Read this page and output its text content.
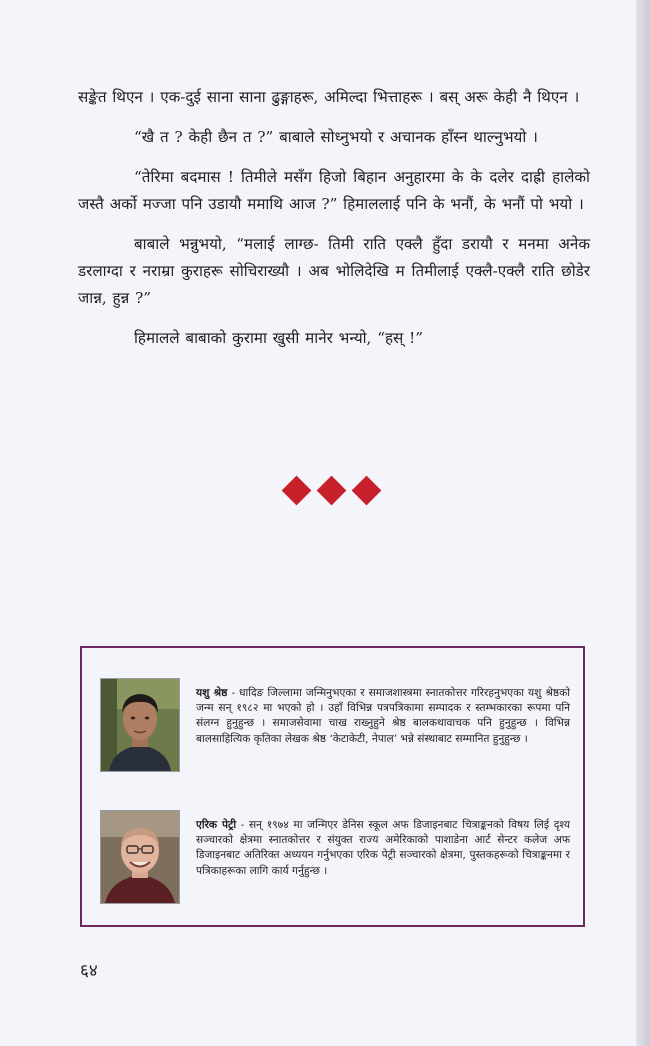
सङ्केत थिएन । एक-दुई साना साना ढुङ्गाहरू, अमिल्दा भित्ताहरू । बस् अरू केही नै थिएन ।

“खै त ? केही छैन त ?” बाबाले सोध्नुभयो र अचानक हाँस्न थाल्नुभयो ।

“तेरिमा बदमास ! तिमीले मसँग हिजो बिहान अनुहारमा के के दलेर दाह्री हालेको जस्तै अर्को मज्जा पनि उडायौ ममाथि आज ?” हिमाललाई पनि के भनौं, के भनौं पो भयो ।

बाबाले भन्नुभयो, “मलाई लाग्छ- तिमी राति एक्लै हुँदा डरायौ र मनमा अनेक डरलाग्दा र नराम्रा कुराहरू सोचिराख्यौ । अब भोलिदेखि म तिमीलाई एक्लै-एक्लै राति छोडेर जान्न, हुन्न ?”

हिमालले बाबाको कुरामा खुसी मानेर भन्यो, “हस् !”

यशु श्रेष्ठ - धादिङ जिल्लामा जन्मिनुभएका र समाजशास्त्रमा स्नातकोत्तर गरिरहनुभएका यशु श्रेष्ठको जन्म सन् १९८२ मा भएको हो । उहाँ विभिन्न पत्रपत्रिकामा सम्पादक र स्तम्भकारका रूपमा पनि संलग्न हुनुहुन्छ । समाजसेवामा चाख राख्नुहुने श्रेष्ठ बालकथावाचक पनि हुनुहुन्छ । विभिन्न बालसाहित्यिक कृतिका लेखक श्रेष्ठ ‘केटाकेटी, नेपाल’ भन्ने संस्थाबाट सम्मानित हुनुहुन्छ ।

एरिक पेट्री - सन् १९७४ मा जन्मिएर डेनिस स्कूल अफ डिजाइनबाट चित्राङ्कनको विषय लिई दृश्य सञ्चारको क्षेत्रमा स्नातकोत्तर र संयुक्त राज्य अमेरिकाको पाशाडेना आर्ट सेन्टर कलेज अफ डिजाइनबाट अतिरिक्त अध्ययन गर्नुभएका एरिक पेट्री सञ्चारको क्षेत्रमा, पुस्तकहरूको चित्राङ्कनमा र पत्रिकाहरूका लागि कार्य गर्नुहुन्छ ।

६४
